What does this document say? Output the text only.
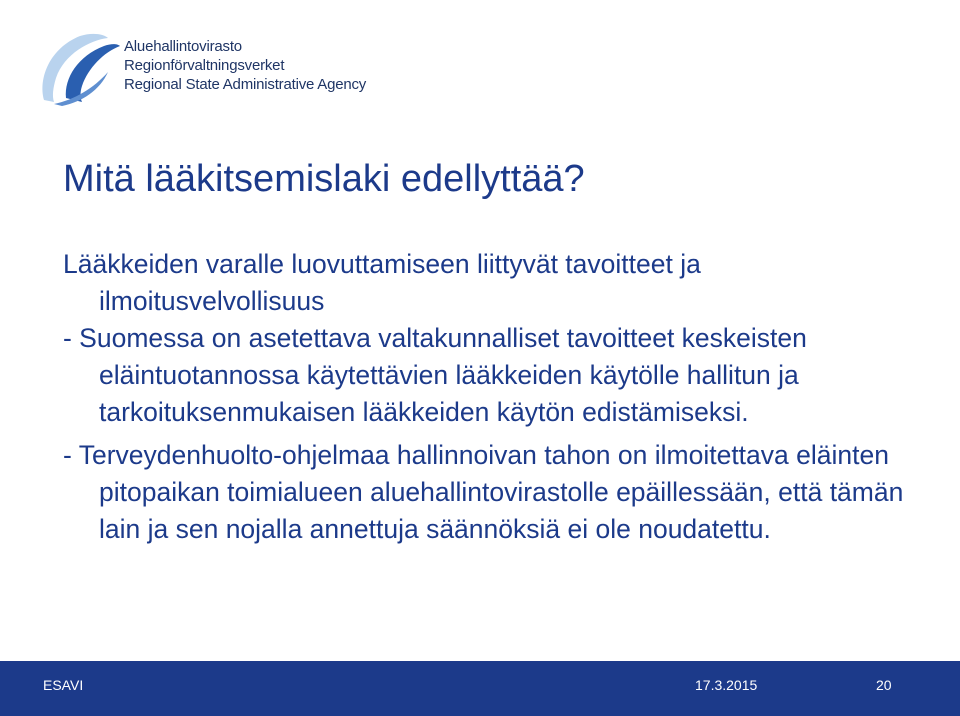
Aluehallintovirasto
Regionförvaltningsverket
Regional State Administrative Agency
Mitä lääkitsemislaki edellyttää?

Lääkkeiden varalle luovuttamiseen liittyvät tavoitteet ja ilmoitusvelvollisuus

- Suomessa on asetettava valtakunnalliset tavoitteet keskeisten eläintuotannossa käytettävien lääkkeiden käytölle hallitun ja tarkoituksenmukaisen lääkkeiden käytön edistämiseksi.

- Terveydenhuolto-ohjelmaa hallinnoivan tahon on ilmoitettava eläinten pitopaikan toimialueen aluehallintovirastolle epäillessään, että tämän lain ja sen nojalla annettuja säännöksiä ei ole noudatettu.

ESAVI	17.3.2015	20
